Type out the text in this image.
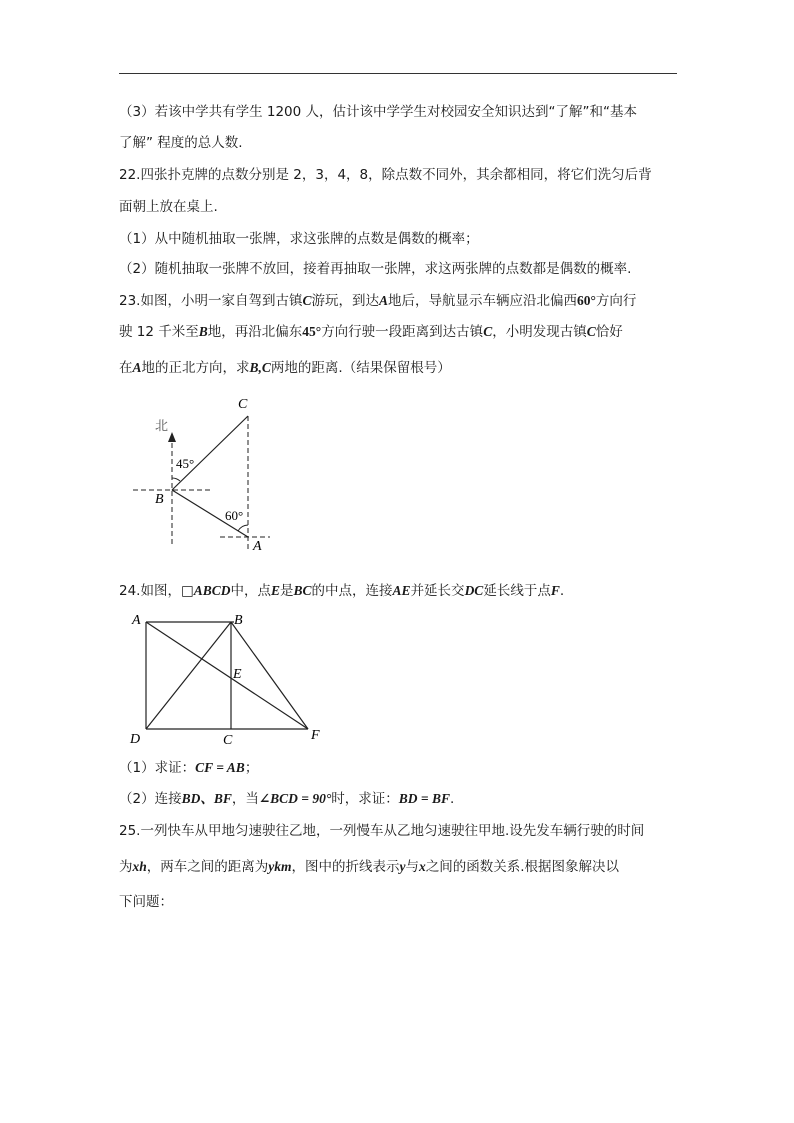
（3）若该中学共有学生 1200 人，估计该中学学生对校园安全知识达到“了解”和“基本
了解” 程度的总人数.
22.四张扑克牌的点数分别是 2，3，4，8，除点数不同外，其余都相同，将它们洗匀后背
面朝上放在桌上.
（1）从中随机抽取一张牌，求这张牌的点数是偶数的概率；
（2）随机抽取一张牌不放回，接着再抽取一张牌，求这两张牌的点数都是偶数的概率.
23.如图，小明一家自驾到古镇C游玩，到达A地后，导航显示车辆应沿北偏西60°方向行
驶 12 千米至B地，再沿北偏东45°方向行驶一段距离到达古镇C，小明发现古镇C恰好
在A地的正北方向，求B,C两地的距离.（结果保留根号）
北
45°
60°
C
B
A
24.如图，□ABCD中，点E是BC的中点，连接AE并延长交DC延长线于点F.
A	B
E
D	C	F
（1）求证：CF = AB；
（2）连接BD、BF，当∠BCD = 90°时，求证：BD = BF.
25.一列快车从甲地匀速驶往乙地，一列慢车从乙地匀速驶往甲地.设先发车辆行驶的时间
为xh，两车之间的距离为ykm，图中的折线表示y与x之间的函数关系.根据图象解决以
下问题：
